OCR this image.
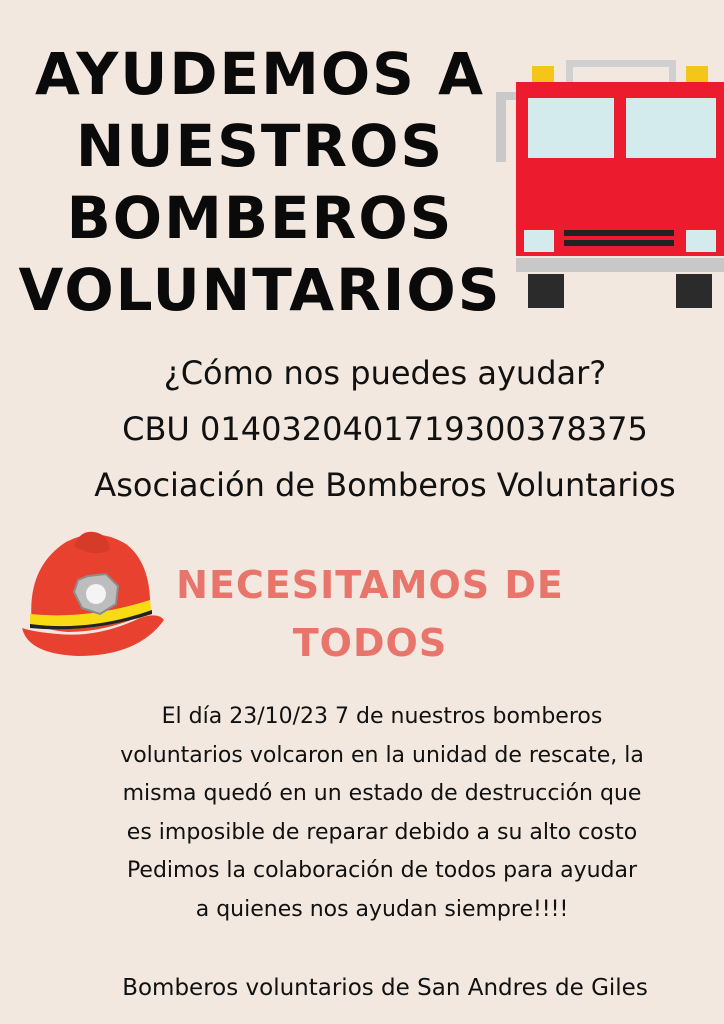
AYUDEMOS A
NUESTROS
BOMBEROS
VOLUNTARIOS
¿Cómo nos puedes ayudar?
CBU 0140320401719300378375
Asociación de Bomberos Voluntarios
NECESITAMOS DE
TODOS
El día 23/10/23 7 de nuestros bomberos
voluntarios volcaron en la unidad de rescate, la
misma quedó en un estado de destrucción que
es imposible de reparar debido a su alto costo
Pedimos la colaboración de todos para ayudar
a quienes nos ayudan siempre!!!!
Bomberos voluntarios de San Andres de Giles
